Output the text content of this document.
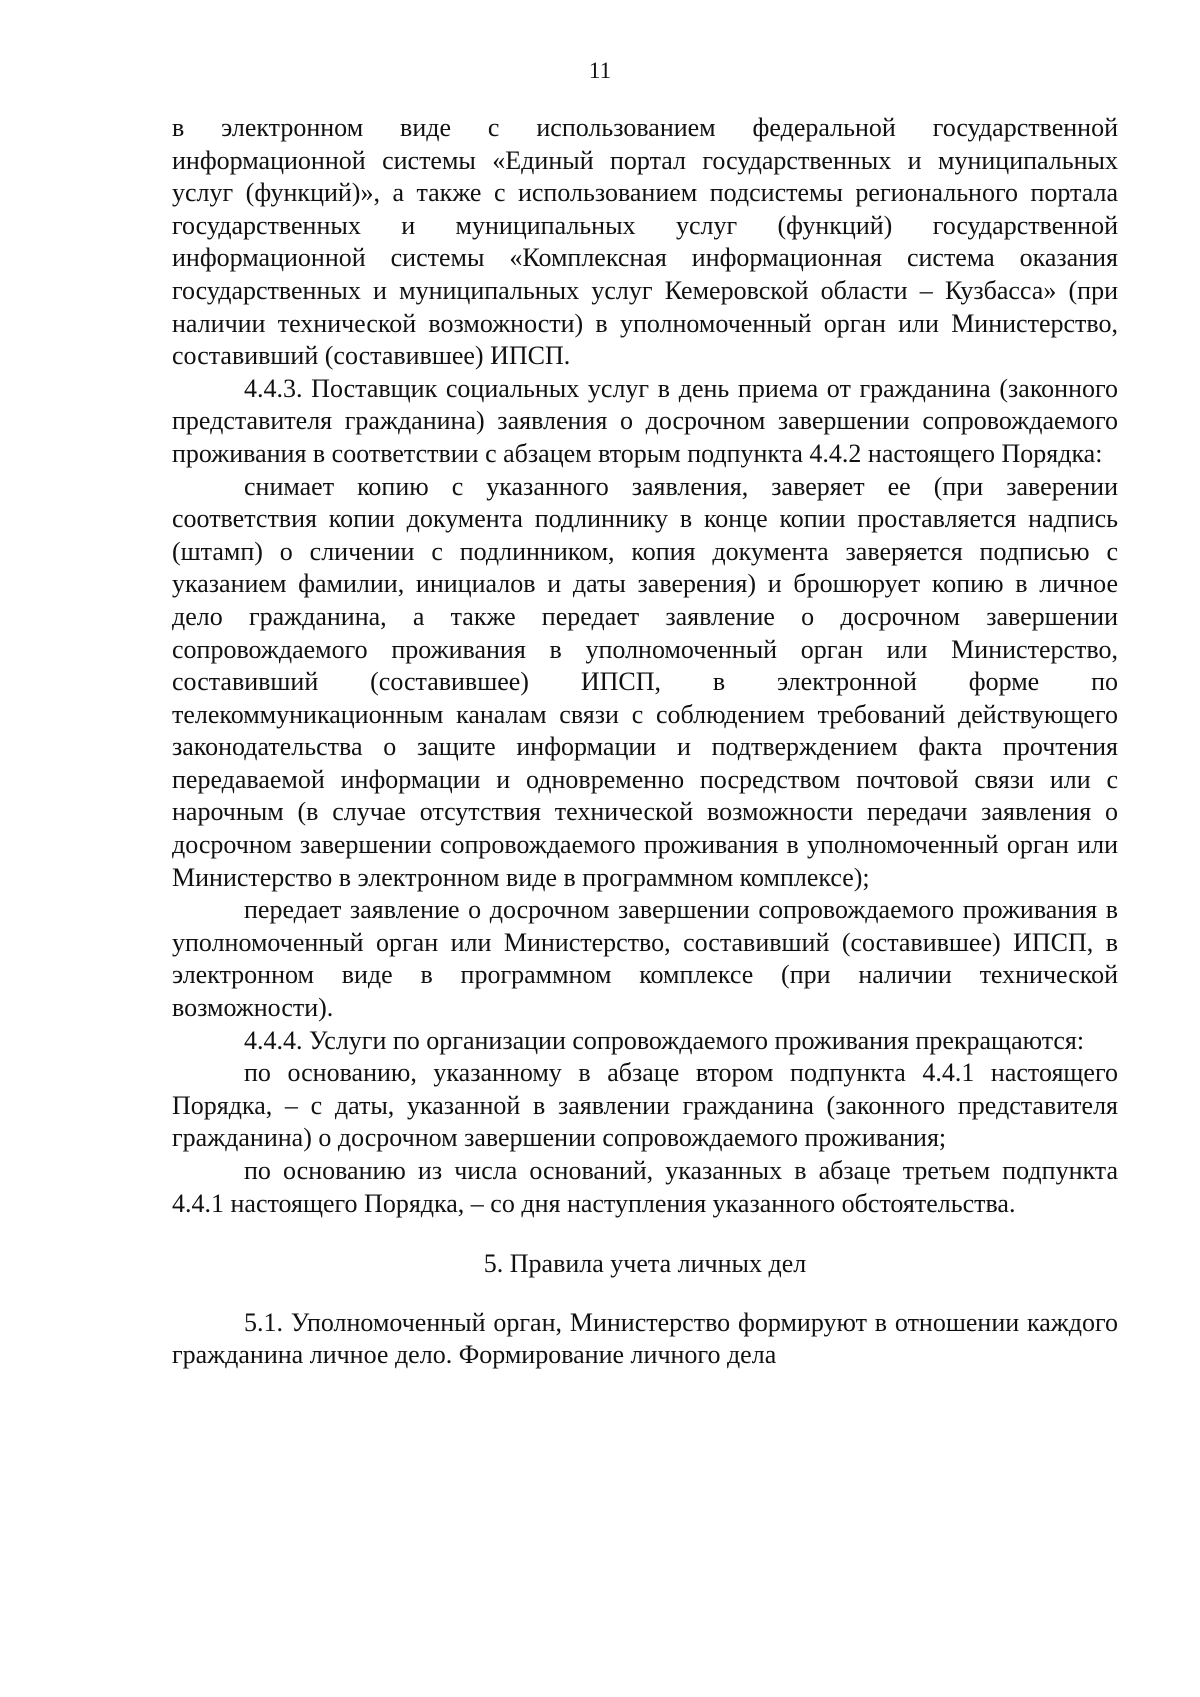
11

в электронном виде с использованием федеральной государственной информационной системы «Единый портал государственных и муниципальных услуг (функций)», а также с использованием подсистемы регионального портала государственных и муниципальных услуг (функций) государственной информационной системы «Комплексная информационная система оказания государственных и муниципальных услуг Кемеровской области – Кузбасса» (при наличии технической возможности) в уполномоченный орган или Министерство, составивший (составившее) ИПСП.

4.4.3. Поставщик социальных услуг в день приема от гражданина (законного представителя гражданина) заявления о досрочном завершении сопровождаемого проживания в соответствии с абзацем вторым подпункта 4.4.2 настоящего Порядка:

снимает копию с указанного заявления, заверяет ее (при заверении соответствия копии документа подлиннику в конце копии проставляется надпись (штамп) о сличении с подлинником, копия документа заверяется подписью с указанием фамилии, инициалов и даты заверения) и брошюрует копию в личное дело гражданина, а также передает заявление о досрочном завершении сопровождаемого проживания в уполномоченный орган или Министерство, составивший (составившее) ИПСП, в электронной форме по телекоммуникационным каналам связи с соблюдением требований действующего законодательства о защите информации и подтверждением факта прочтения передаваемой информации и одновременно посредством почтовой связи или с нарочным (в случае отсутствия технической возможности передачи заявления о досрочном завершении сопровождаемого проживания в уполномоченный орган или Министерство в электронном виде в программном комплексе);

передает заявление о досрочном завершении сопровождаемого проживания в уполномоченный орган или Министерство, составивший (составившее) ИПСП, в электронном виде в программном комплексе (при наличии технической возможности).

4.4.4. Услуги по организации сопровождаемого проживания прекращаются:

по основанию, указанному в абзаце втором подпункта 4.4.1 настоящего Порядка, – с даты, указанной в заявлении гражданина (законного представителя гражданина) о досрочном завершении сопровождаемого проживания;

по основанию из числа оснований, указанных в абзаце третьем подпункта 4.4.1 настоящего Порядка, – со дня наступления указанного обстоятельства.

5. Правила учета личных дел

5.1. Уполномоченный орган, Министерство формируют в отношении каждого гражданина личное дело. Формирование личного дела
